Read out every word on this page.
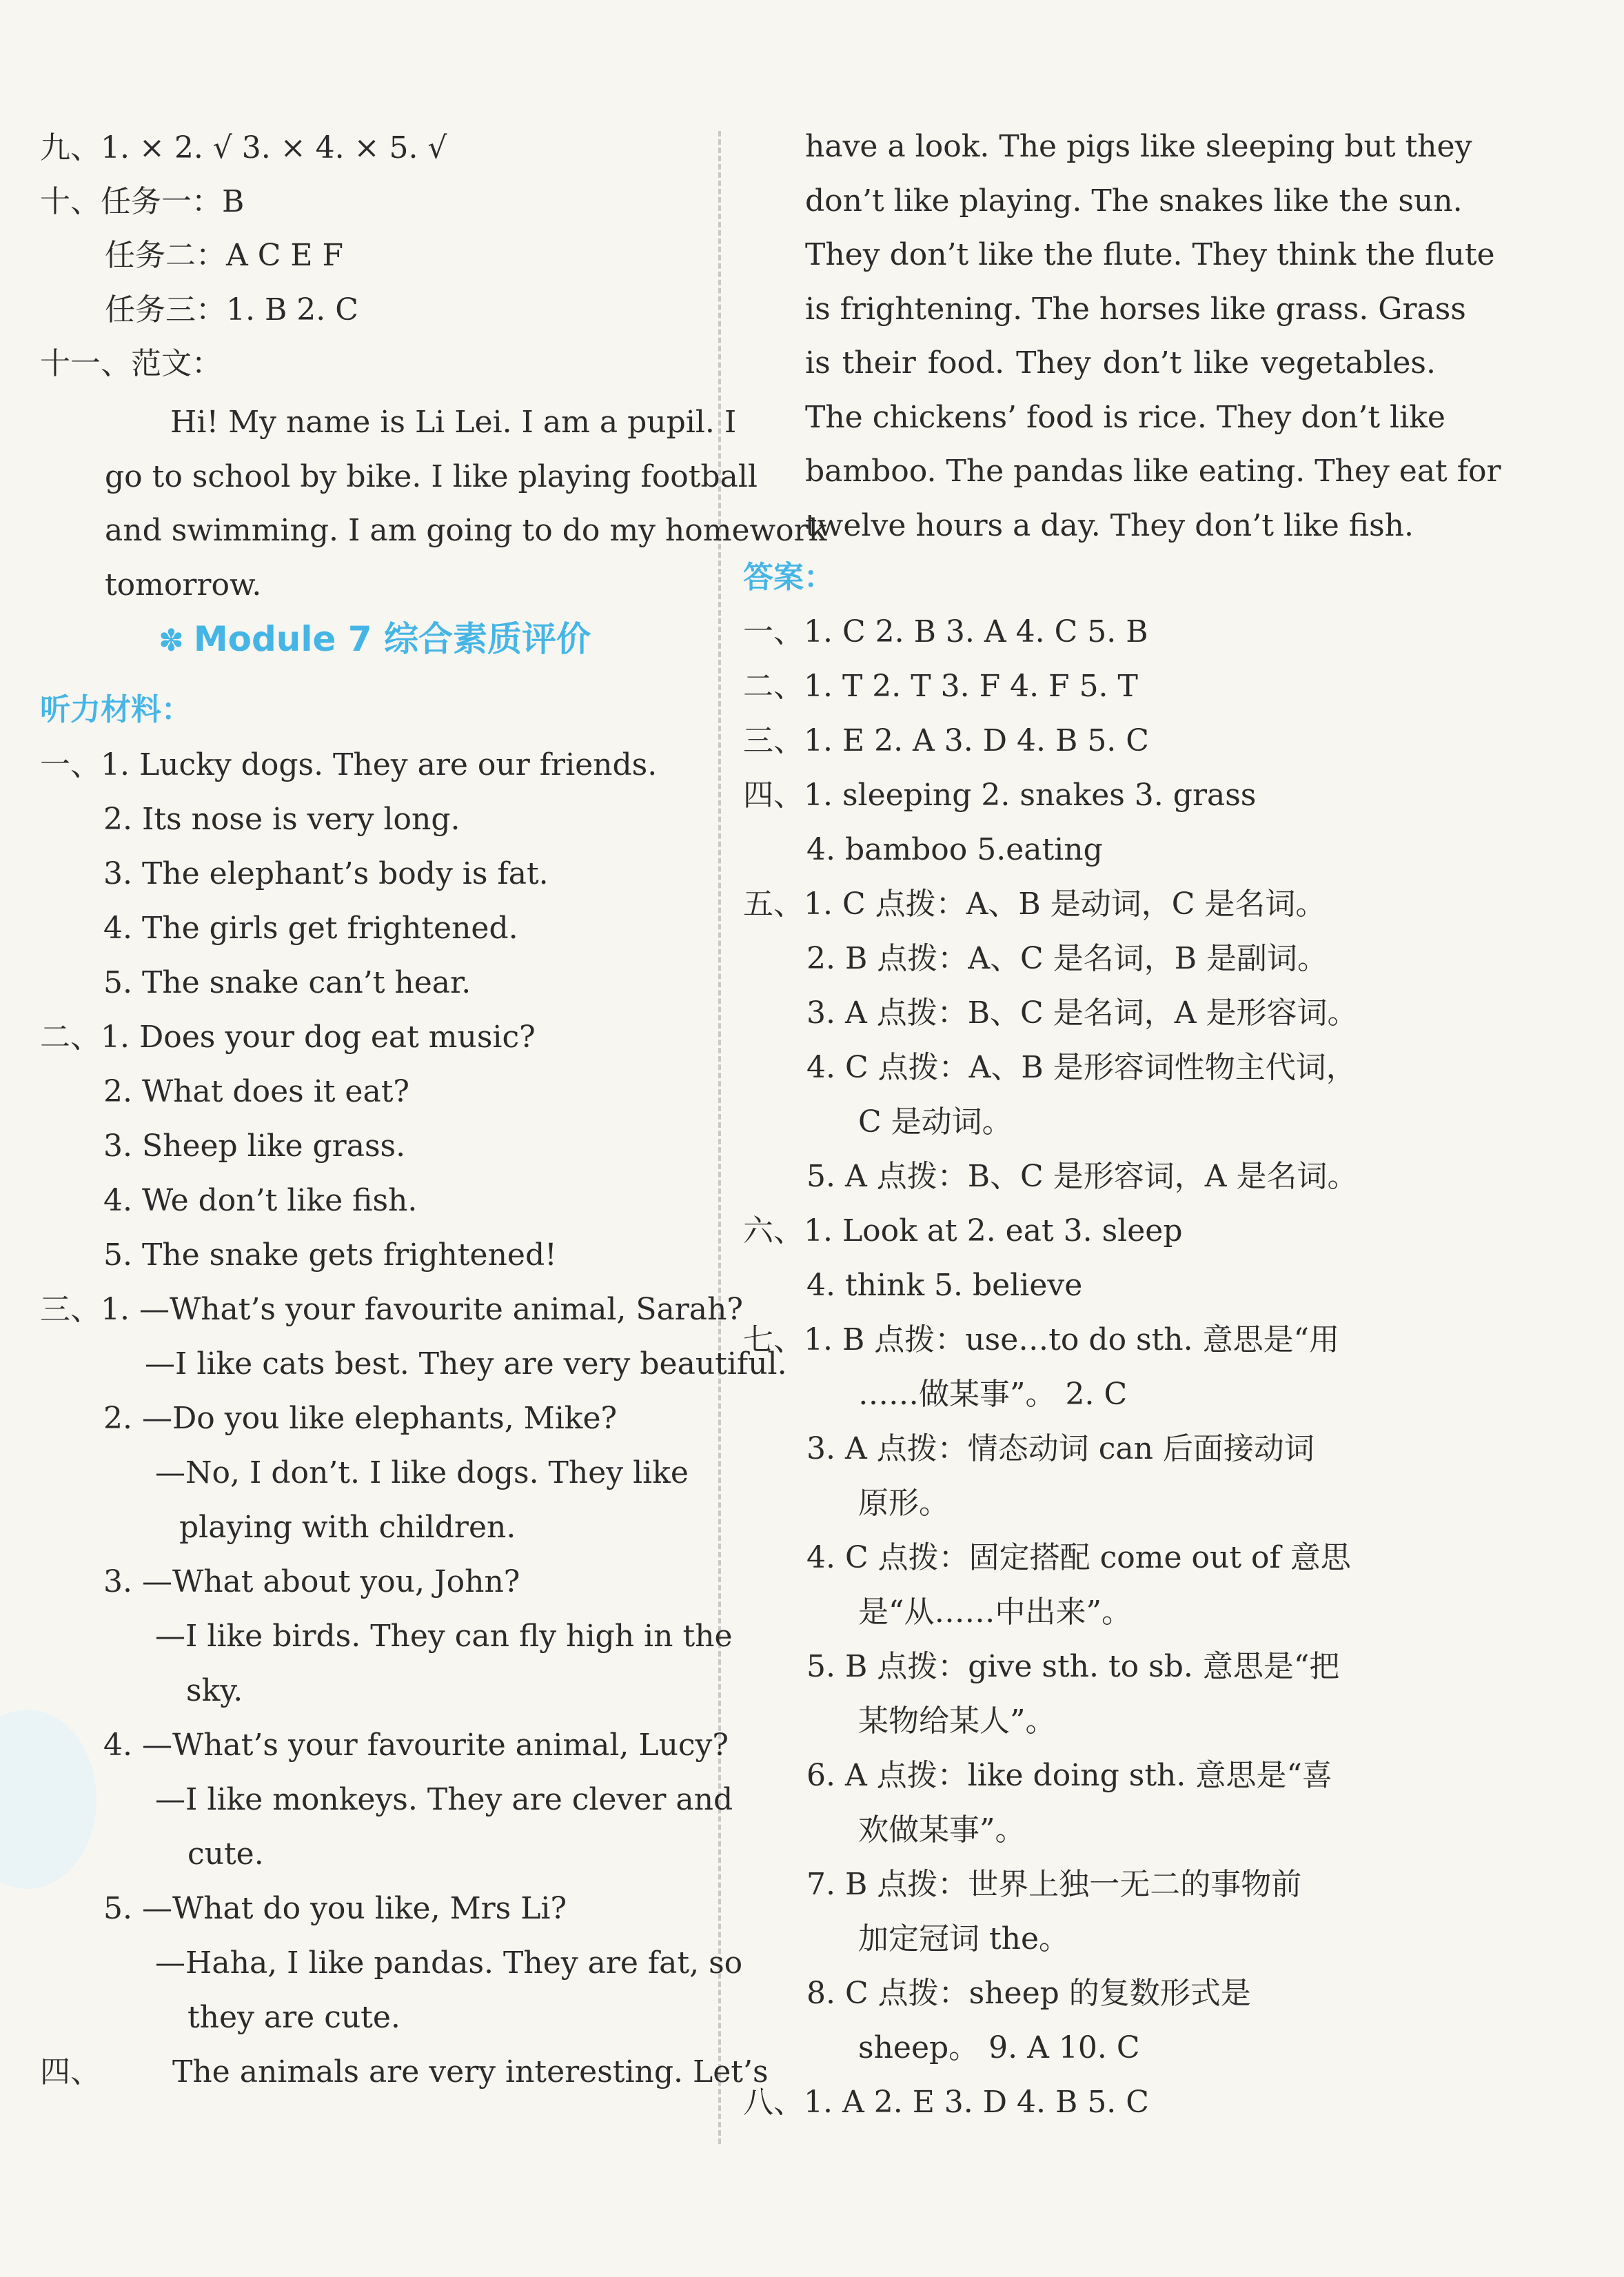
九、1. × 2. √ 3. × 4. × 5. √
十、任务一：B
任务二：A C E F
任务三：1. B 2. C
十一、范文：
Hi! My name is Li Lei. I am a pupil. I
go to school by bike. I like playing football
and swimming. I am going to do my homework
tomorrow.
✽ Module 7 综合素质评价
听力材料：
一、1. Lucky dogs. They are our friends.
2. Its nose is very long.
3. The elephant’s body is fat.
4. The girls get frightened.
5. The snake can’t hear.
二、1. Does your dog eat music?
2. What does it eat?
3. Sheep like grass.
4. We don’t like fish.
5. The snake gets frightened!
三、1. —What’s your favourite animal, Sarah?
—I like cats best. They are very beautiful.
2. —Do you like elephants, Mike?
—No, I don’t. I like dogs. They like
playing with children.
3. —What about you, John?
—I like birds. They can fly high in the
sky.
4. —What’s your favourite animal, Lucy?
—I like monkeys. They are clever and
cute.
5. —What do you like, Mrs Li?
—Haha, I like pandas. They are fat, so
they are cute.
四、 The animals are very interesting. Let’s
have a look. The pigs like sleeping but they
don’t like playing. The snakes like the sun.
They don’t like the flute. They think the flute
is frightening. The horses like grass. Grass
is their food. They don’t like vegetables.
The chickens’ food is rice. They don’t like
bamboo. The pandas like eating. They eat for
twelve hours a day. They don’t like fish.
答案：
一、1. C 2. B 3. A 4. C 5. B
二、1. T 2. T 3. F 4. F 5. T
三、1. E 2. A 3. D 4. B 5. C
四、1. sleeping 2. snakes 3. grass
4. bamboo 5.eating
五、1. C 点拨：A、B 是动词，C 是名词。
2. B 点拨：A、C 是名词，B 是副词。
3. A 点拨：B、C 是名词，A 是形容词。
4. C 点拨：A、B 是形容词性物主代词，
C 是动词。
5. A 点拨：B、C 是形容词，A 是名词。
六、1. Look at 2. eat 3. sleep
4. think 5. believe
七、1. B 点拨：use…to do sth. 意思是“用
……做某事”。 2. C
3. A 点拨：情态动词 can 后面接动词
原形。
4. C 点拨：固定搭配 come out of 意思
是“从……中出来”。
5. B 点拨：give sth. to sb. 意思是“把
某物给某人”。
6. A 点拨：like doing sth. 意思是“喜
欢做某事”。
7. B 点拨：世界上独一无二的事物前
加定冠词 the。
8. C 点拨：sheep 的复数形式是
sheep。 9. A 10. C
八、1. A 2. E 3. D 4. B 5. C
